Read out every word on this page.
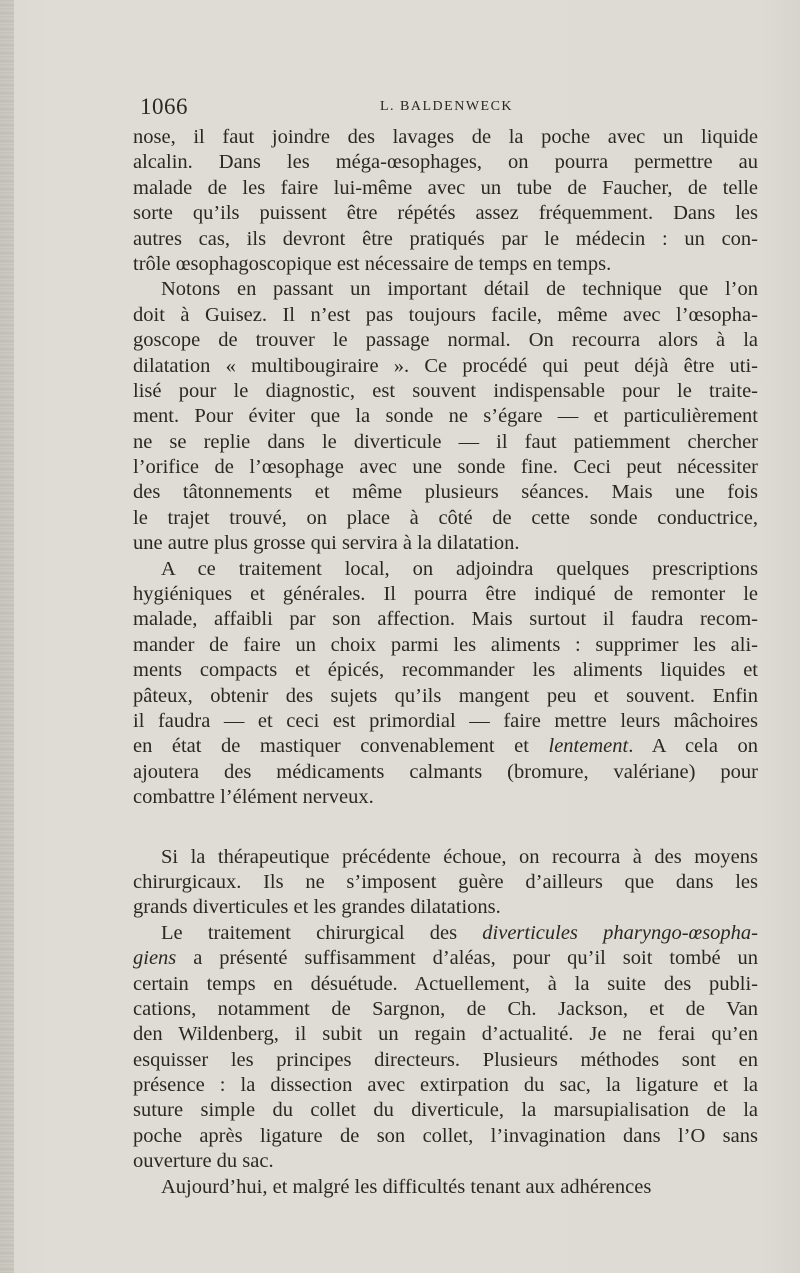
1066	L. BALDENWECK
nose, il faut joindre des lavages de la poche avec un liquide
alcalin. Dans les méga-œsophages, on pourra permettre au
malade de les faire lui-même avec un tube de Faucher, de telle
sorte qu’ils puissent être répétés assez fréquemment. Dans les
autres cas, ils devront être pratiqués par le médecin : un con-
trôle œsophagoscopique est nécessaire de temps en temps.
Notons en passant un important détail de technique que l’on
doit à Guisez. Il n’est pas toujours facile, même avec l’œsopha-
goscope de trouver le passage normal. On recourra alors à la
dilatation « multibougiraire ». Ce procédé qui peut déjà être uti-
lisé pour le diagnostic, est souvent indispensable pour le traite-
ment. Pour éviter que la sonde ne s’égare — et particulièrement
ne se replie dans le diverticule — il faut patiemment chercher
l’orifice de l’œsophage avec une sonde fine. Ceci peut nécessiter
des tâtonnements et même plusieurs séances. Mais une fois
le trajet trouvé, on place à côté de cette sonde conductrice,
une autre plus grosse qui servira à la dilatation.
A ce traitement local, on adjoindra quelques prescriptions
hygiéniques et générales. Il pourra être indiqué de remonter le
malade, affaibli par son affection. Mais surtout il faudra recom-
mander de faire un choix parmi les aliments : supprimer les ali-
ments compacts et épicés, recommander les aliments liquides et
pâteux, obtenir des sujets qu’ils mangent peu et souvent. Enfin
il faudra — et ceci est primordial — faire mettre leurs mâchoires
en état de mastiquer convenablement et lentement. A cela on
ajoutera des médicaments calmants (bromure, valériane) pour
combattre l’élément nerveux.
Si la thérapeutique précédente échoue, on recourra à des moyens
chirurgicaux. Ils ne s’imposent guère d’ailleurs que dans les
grands diverticules et les grandes dilatations.
Le traitement chirurgical des diverticules pharyngo-œsopha-
giens a présenté suffisamment d’aléas, pour qu’il soit tombé un
certain temps en désuétude. Actuellement, à la suite des publi-
cations, notamment de Sargnon, de Ch. Jackson, et de Van
den Wildenberg, il subit un regain d’actualité. Je ne ferai qu’en
esquisser les principes directeurs. Plusieurs méthodes sont en
présence : la dissection avec extirpation du sac, la ligature et la
suture simple du collet du diverticule, la marsupialisation de la
poche après ligature de son collet, l’invagination dans l’O sans
ouverture du sac.
Aujourd’hui, et malgré les difficultés tenant aux adhérences
